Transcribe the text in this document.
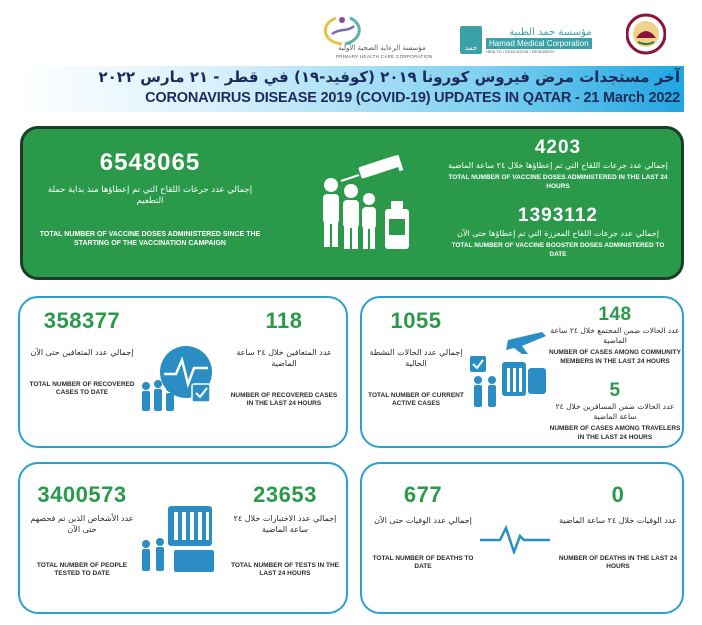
مؤسسة الرعاية الصحية الأولية
PRIMARY HEALTH CARE CORPORATION
حمد
مؤسسة حمد الطبية
Hamad Medical Corporation
HEALTH • EDUCATION • RESEARCH
آخر مستجدات مرض فيروس كورونا ٢٠١٩ (كوفيد-١٩) في قطر - ٢١ مارس ٢٠٢٢
CORONAVIRUS DISEASE 2019 (COVID-19) UPDATES IN QATAR - 21 March 2022
6548065
إجمالي عدد جرعات اللقاح التي تم إعطاؤها منذ بداية حملة التطعيم
TOTAL NUMBER OF VACCINE DOSES ADMINISTERED SINCE THE STARTING OF THE VACCINATION CAMPAIGN
4203
إجمالي عدد جرعات اللقاح التي تم إعطاؤها خلال ٢٤ ساعة الماضية
TOTAL NUMBER OF VACCINE DOSES ADMINISTERED IN THE LAST 24 HOURS
1393112
إجمالي عدد جرعات اللقاح المعززة التي تم إعطاؤها حتى الآن
TOTAL NUMBER OF VACCINE BOOSTER DOSES ADMINISTERED TO DATE
358377
إجمالي عدد المتعافين حتى الآن
TOTAL NUMBER OF RECOVERED CASES TO DATE
118
عدد المتعافين خلال ٢٤ ساعة الماضية
NUMBER OF RECOVERED CASES IN THE LAST 24 HOURS
1055
إجمالي عدد الحالات النشطة الحالية
TOTAL NUMBER OF CURRENT ACTIVE CASES
148
عدد الحالات ضمن المجتمع خلال ٢٤ ساعة الماضية
NUMBER OF CASES AMONG COMMUNITY MEMBERS IN THE LAST 24 HOURS
5
عدد الحالات ضمن المسافرين خلال ٢٤ ساعة الماضية
NUMBER OF CASES AMONG TRAVELERS IN THE LAST 24 HOURS
3400573
عدد الأشخاص الذين تم فحصهم حتى الآن
TOTAL NUMBER OF PEOPLE TESTED TO DATE
23653
إجمالي عدد الاختبارات خلال ٢٤ ساعة الماضية
TOTAL NUMBER OF TESTS IN THE LAST 24 HOURS
677
إجمالي عدد الوفيات حتى الآن
TOTAL NUMBER OF DEATHS TO DATE
0
عدد الوفيات خلال ٢٤ ساعة الماضية
NUMBER OF DEATHS IN THE LAST 24 HOURS
